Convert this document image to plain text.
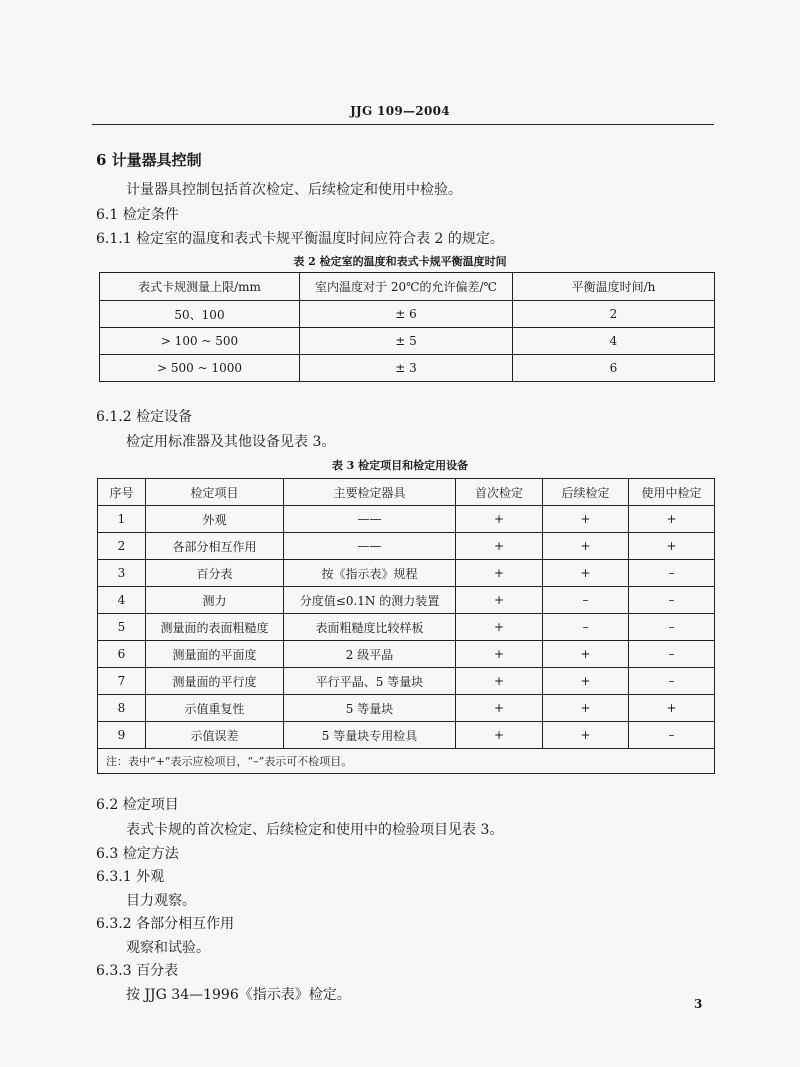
JJG 109—2004
6 计量器具控制
计量器具控制包括首次检定、后续检定和使用中检验。
6.1 检定条件
6.1.1 检定室的温度和表式卡规平衡温度时间应符合表 2 的规定。
表 2 检定室的温度和表式卡规平衡温度时间
表式卡规测量上限/mm	室内温度对于 20℃的允许偏差/℃	平衡温度时间/h
50、100	± 6	2
> 100 ~ 500	± 5	4
> 500 ~ 1000	± 3	6
6.1.2 检定设备
检定用标准器及其他设备见表 3。
表 3 检定项目和检定用设备
序号	检定项目	主要检定器具	首次检定	后续检定	使用中检定
1	外观	——	+	+	+
2	各部分相互作用	——	+	+	+
3	百分表	按《指示表》规程	+	+	–
4	测力	分度值≤0.1N 的测力装置	+	–	–
5	测量面的表面粗糙度	表面粗糙度比较样板	+	–	–
6	测量面的平面度	2 级平晶	+	+	–
7	测量面的平行度	平行平晶、5 等量块	+	+	–
8	示值重复性	5 等量块	+	+	+
9	示值误差	5 等量块专用检具	+	+	–
注：表中“+”表示应检项目，“–”表示可不检项目。					
6.2 检定项目
表式卡规的首次检定、后续检定和使用中的检验项目见表 3。
6.3 检定方法
6.3.1 外观
目力观察。
6.3.2 各部分相互作用
观察和试验。
6.3.3 百分表
按 JJG 34—1996《指示表》检定。
3
